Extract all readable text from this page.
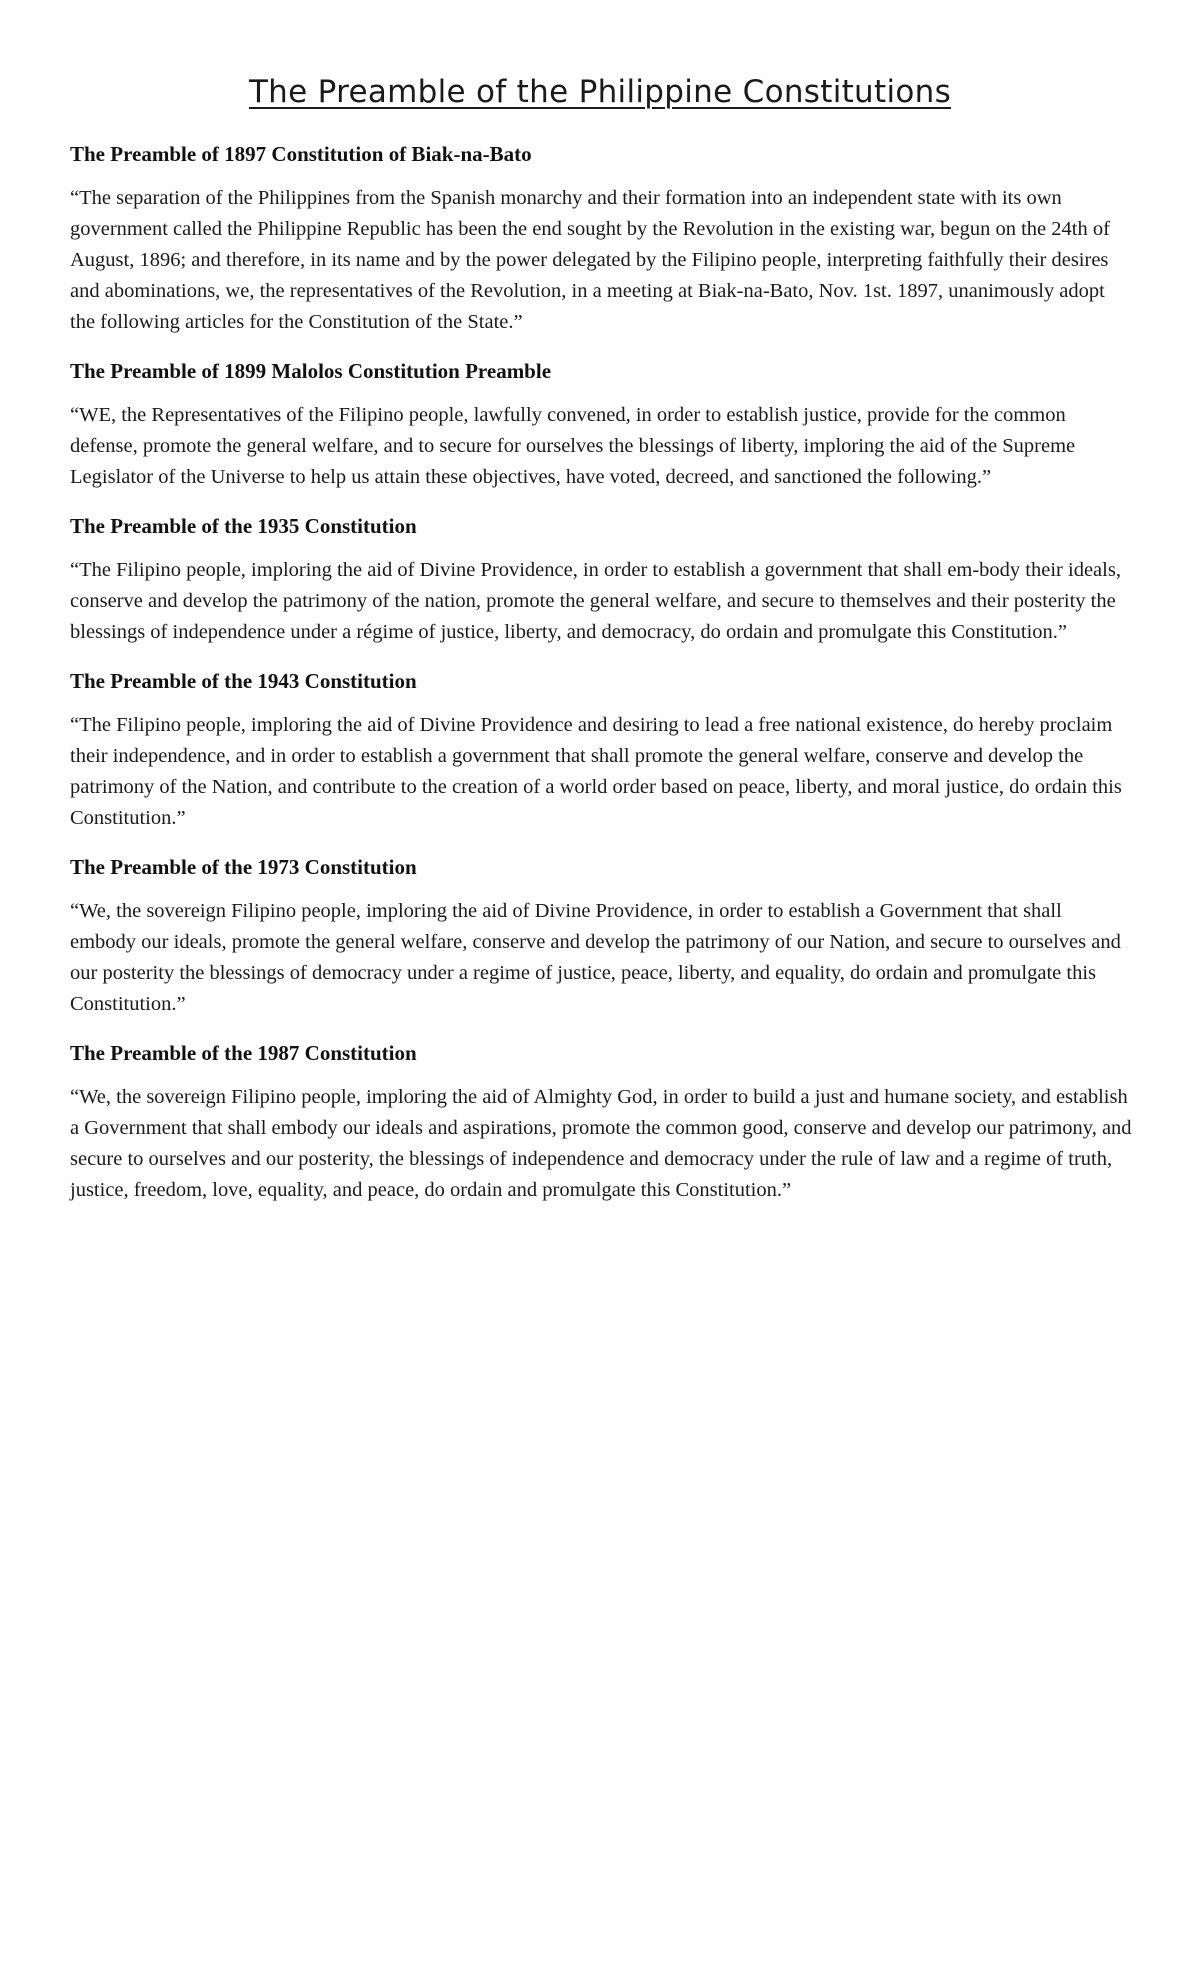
The Preamble of the Philippine Constitutions

The Preamble of 1897 Constitution of Biak-na-Bato

“The separation of the Philippines from the Spanish monarchy and their formation into an independent state with its own government called the Philippine Republic has been the end sought by the Revolution in the existing war, begun on the 24th of August, 1896; and therefore, in its name and by the power delegated by the Filipino people, interpreting faithfully their desires and abominations, we, the representatives of the Revolution, in a meeting at Biak-na-Bato, Nov. 1st. 1897, unanimously adopt the following articles for the Constitution of the State.”

The Preamble of 1899 Malolos Constitution Preamble

“WE, the Representatives of the Filipino people, lawfully convened, in order to establish justice, provide for the common defense, promote the general welfare, and to secure for ourselves the blessings of liberty, imploring the aid of the Supreme Legislator of the Universe to help us attain these objectives, have voted, decreed, and sanctioned the following.”

The Preamble of the 1935 Constitution

“The Filipino people, imploring the aid of Divine Providence, in order to establish a government that shall em-body their ideals, conserve and develop the patrimony of the nation, promote the general welfare, and secure to themselves and their posterity the blessings of independence under a régime of justice, liberty, and democracy, do ordain and promulgate this Constitution.”

The Preamble of the 1943 Constitution

“The Filipino people, imploring the aid of Divine Providence and desiring to lead a free national existence, do hereby proclaim their independence, and in order to establish a government that shall promote the general welfare, conserve and develop the patrimony of the Nation, and contribute to the creation of a world order based on peace, liberty, and moral justice, do ordain this Constitution.”

The Preamble of the 1973 Constitution

“We, the sovereign Filipino people, imploring the aid of Divine Providence, in order to establish a Government that shall embody our ideals, promote the general welfare, conserve and develop the patrimony of our Nation, and secure to ourselves and our posterity the blessings of democracy under a regime of justice, peace, liberty, and equality, do ordain and promulgate this Constitution.”

The Preamble of the 1987 Constitution

“We, the sovereign Filipino people, imploring the aid of Almighty God, in order to build a just and humane society, and establish a Government that shall embody our ideals and aspirations, promote the common good, conserve and develop our patrimony, and secure to ourselves and our posterity, the blessings of independence and democracy under the rule of law and a regime of truth, justice, freedom, love, equality, and peace, do ordain and promulgate this Constitution.”
